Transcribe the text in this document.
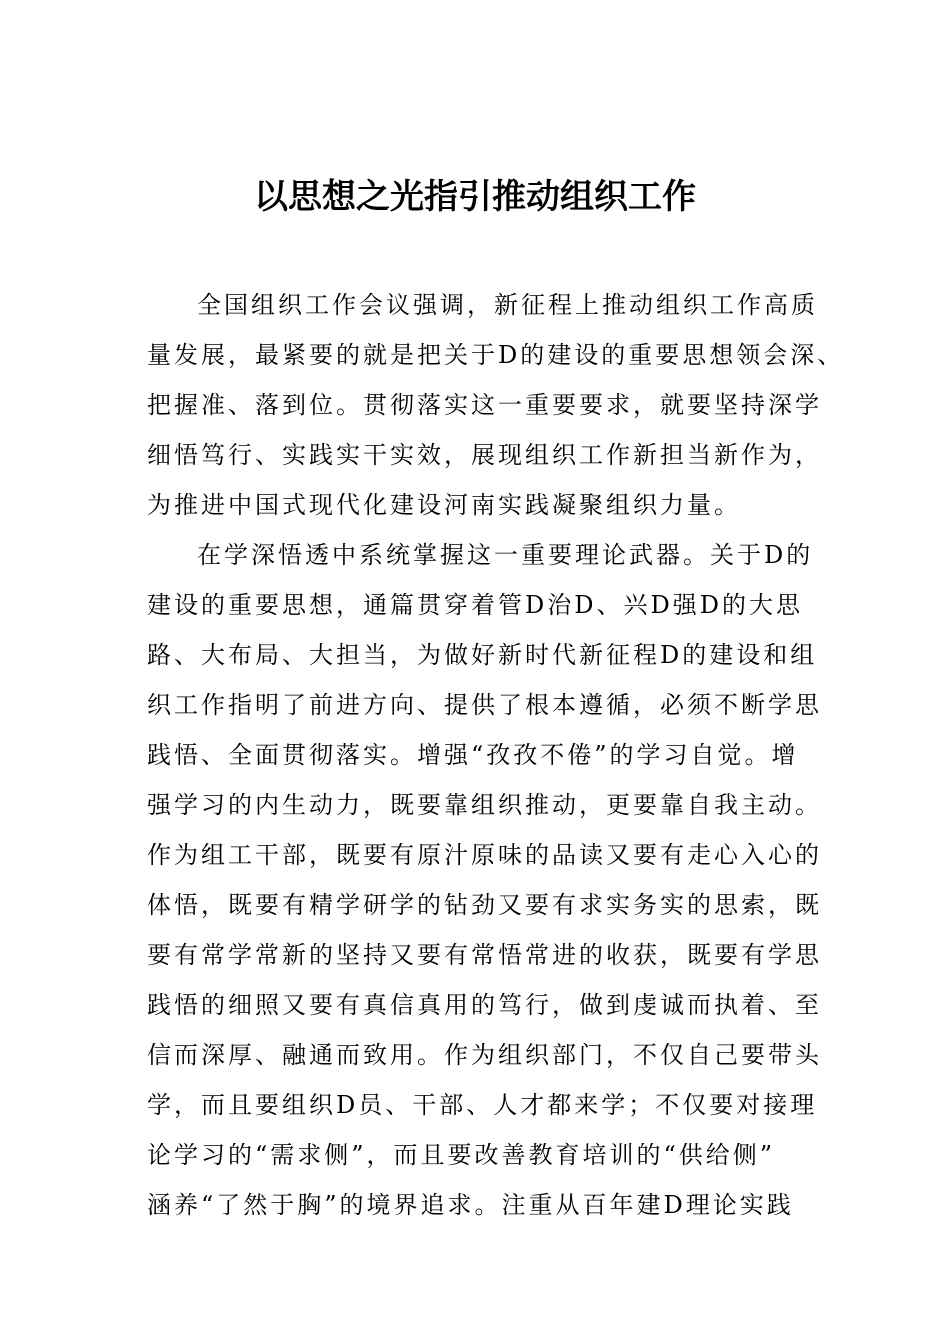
以思想之光指引推动组织工作
全国组织工作会议强调，新征程上推动组织工作高质
量发展，最紧要的就是把关于D的建设的重要思想领会深、
把握准、落到位。贯彻落实这一重要要求，就要坚持深学
细悟笃行、实践实干实效，展现组织工作新担当新作为，
为推进中国式现代化建设河南实践凝聚组织力量。
在学深悟透中系统掌握这一重要理论武器。关于D的
建设的重要思想，通篇贯穿着管D治D、兴D强D的大思
路、大布局、大担当，为做好新时代新征程D的建设和组
织工作指明了前进方向、提供了根本遵循，必须不断学思
践悟、全面贯彻落实。增强“孜孜不倦”的学习自觉。增
强学习的内生动力，既要靠组织推动，更要靠自我主动。
作为组工干部，既要有原汁原味的品读又要有走心入心的
体悟，既要有精学研学的钻劲又要有求实务实的思索，既
要有常学常新的坚持又要有常悟常进的收获，既要有学思
践悟的细照又要有真信真用的笃行，做到虔诚而执着、至
信而深厚、融通而致用。作为组织部门，不仅自己要带头
学，而且要组织D员、干部、人才都来学；不仅要对接理
论学习的“需求侧”，而且要改善教育培训的“供给侧”
涵养“了然于胸”的境界追求。注重从百年建D理论实践
